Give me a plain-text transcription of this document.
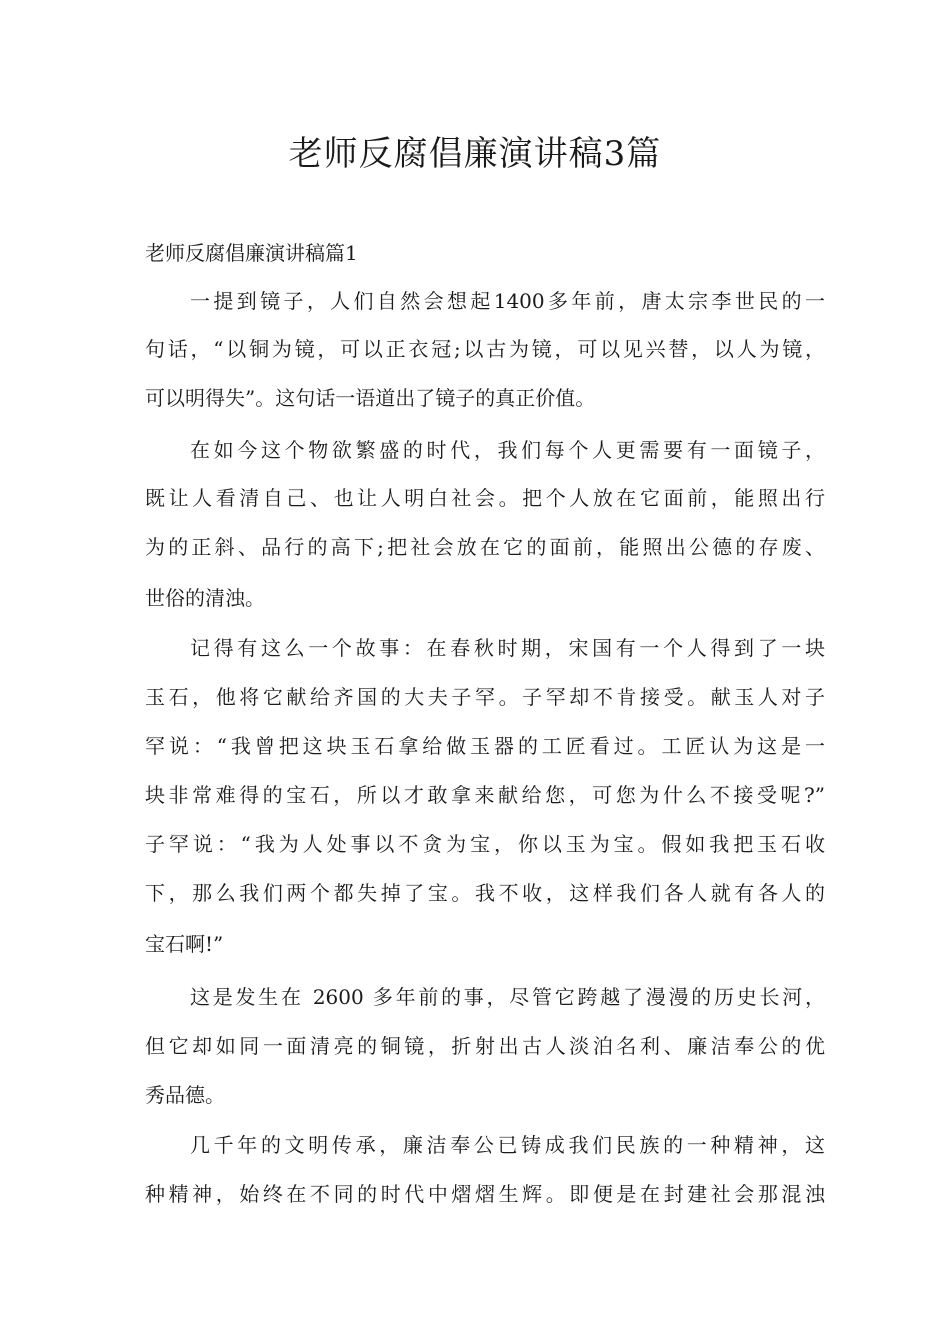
老师反腐倡廉演讲稿3篇
老师反腐倡廉演讲稿篇1
一提到镜子，人们自然会想起1400多年前，唐太宗李世民的一
句话，“以铜为镜，可以正衣冠;以古为镜，可以见兴替，以人为镜，
可以明得失”。这句话一语道出了镜子的真正价值。
在如今这个物欲繁盛的时代，我们每个人更需要有一面镜子，
既让人看清自己、也让人明白社会。把个人放在它面前，能照出行
为的正斜、品行的高下;把社会放在它的面前，能照出公德的存废、
世俗的清浊。
记得有这么一个故事：在春秋时期，宋国有一个人得到了一块
玉石，他将它献给齐国的大夫子罕。子罕却不肯接受。献玉人对子
罕说：“我曾把这块玉石拿给做玉器的工匠看过。工匠认为这是一
块非常难得的宝石，所以才敢拿来献给您，可您为什么不接受呢?”
子罕说：“我为人处事以不贪为宝，你以玉为宝。假如我把玉石收
下，那么我们两个都失掉了宝。我不收，这样我们各人就有各人的
宝石啊!”
这是发生在 2600 多年前的事，尽管它跨越了漫漫的历史长河，
但它却如同一面清亮的铜镜，折射出古人淡泊名利、廉洁奉公的优
秀品德。
几千年的文明传承，廉洁奉公已铸成我们民族的一种精神，这
种精神，始终在不同的时代中熠熠生辉。即便是在封建社会那混浊
